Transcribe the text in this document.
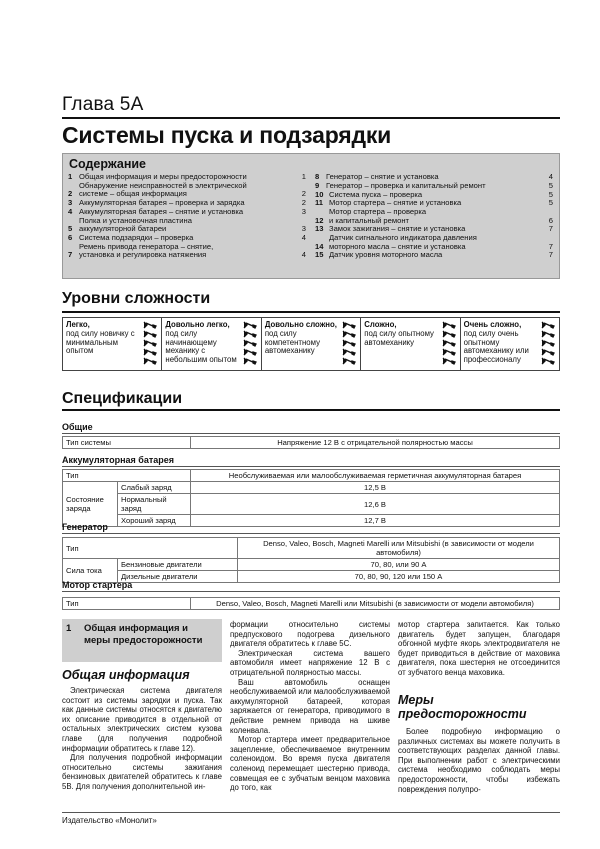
Глава 5А
Системы пуска и подзарядки
Содержание
1 Общая информация и меры предосторожности	1
2
Обнаружение неисправностей в электрической
системе – общая информация	2
3 Аккумуляторная батарея – проверка и зарядка	2
4 Аккумуляторная батарея – снятие и установка	3
5
Полка и установочная пластина
аккумуляторной батареи	3
6 Система подзарядки – проверка	4
7
Ремень привода генератора – снятие,
установка и регулировка натяжения	4
8 Генератор – снятие и установка	4
9 Генератор – проверка и капитальный ремонт	5
10 Система пуска – проверка	5
11 Мотор стартера – снятие и установка	5
12
Мотор стартера – проверка
и капитальный ремонт	6
13 Замок зажигания – снятие и установка	7
14
Датчик сигнального индикатора давления
моторного масла – снятие и установка	7
15 Датчик уровня моторного масла	7
Уровни сложности
Легко,
под силу новичку с минимальным опытом
Довольно легко,
под силу начинающему механику с небольшим опытом
Довольно сложно,
под силу компетентному автомеханику
Сложно,
под силу опытному автомеханику
Очень сложно,
под силу очень опытному автомеханику или профессионалу
Спецификации
Общие
Тип системы	Напряжение 12 В с отрицательной полярностью массы
Аккумуляторная батарея
Тип		Необслуживаемая или малообслуживаемая герметичная аккумуляторная батарея
Состояние заряда	Слабый заряд	12,5 В
	Нормальный заряд	12,6 В
	Хороший заряд	12,7 В
Генератор
Тип		Denso, Valeo, Bosch, Magneti Marelli или Mitsubishi (в зависимости от модели автомобиля)
Сила тока	Бензиновые двигатели	70, 80, или 90 А
	Дизельные двигатели	70, 80, 90, 120 или 150 А
Мотор стартера
Тип	Denso, Valeo, Bosch, Magneti Marelli или Mitsubishi (в зависимости от модели автомобиля)
1 Общая информация и
меры предосторожности
Общая информация

Электрическая система двигателя состоит из системы зарядки и пуска. Так как данные системы относятся к двигателю их описание приводится в отдельной от остальных электрических систем кузова главе (для получения подробной информации обратитесь к главе 12).

Для получения подробной информации относительно системы зажигания бензиновых двигателей обратитесь к главе 5В. Для получения дополнительной ин-

формации относительно системы предпускового подогрева дизельного двигателя обратитесь к главе 5С.

Электрическая система вашего автомобиля имеет напряжение 12 В с отрицательной полярностью массы.

Ваш автомобиль оснащен необслуживаемой или малообслуживаемой аккумуляторной батареей, которая заряжается от генератора, приводимого в действие ремнем привода на шкиве коленвала.

Мотор стартера имеет предварительное зацепление, обеспечиваемое внутренним соленоидом. Во время пуска двигателя соленоид перемещает шестерню привода, совмещая ее с зубчатым венцом маховика до того, как

мотор стартера запитается. Как только двигатель будет запущен, благодаря обгонной муфте якорь электродвигателя не будет приводиться в действие от маховика двигателя, пока шестерня не отсоединится от зубчатого венца маховика.

Меры
предосторожности

Более подробную информацию о различных системах вы можете получить в соответствующих разделах данной главы. При выполнении работ с электрическими система необходимо соблюдать меры предосторожности, чтобы избежать повреждения полупро-

Издательство «Монолит»
